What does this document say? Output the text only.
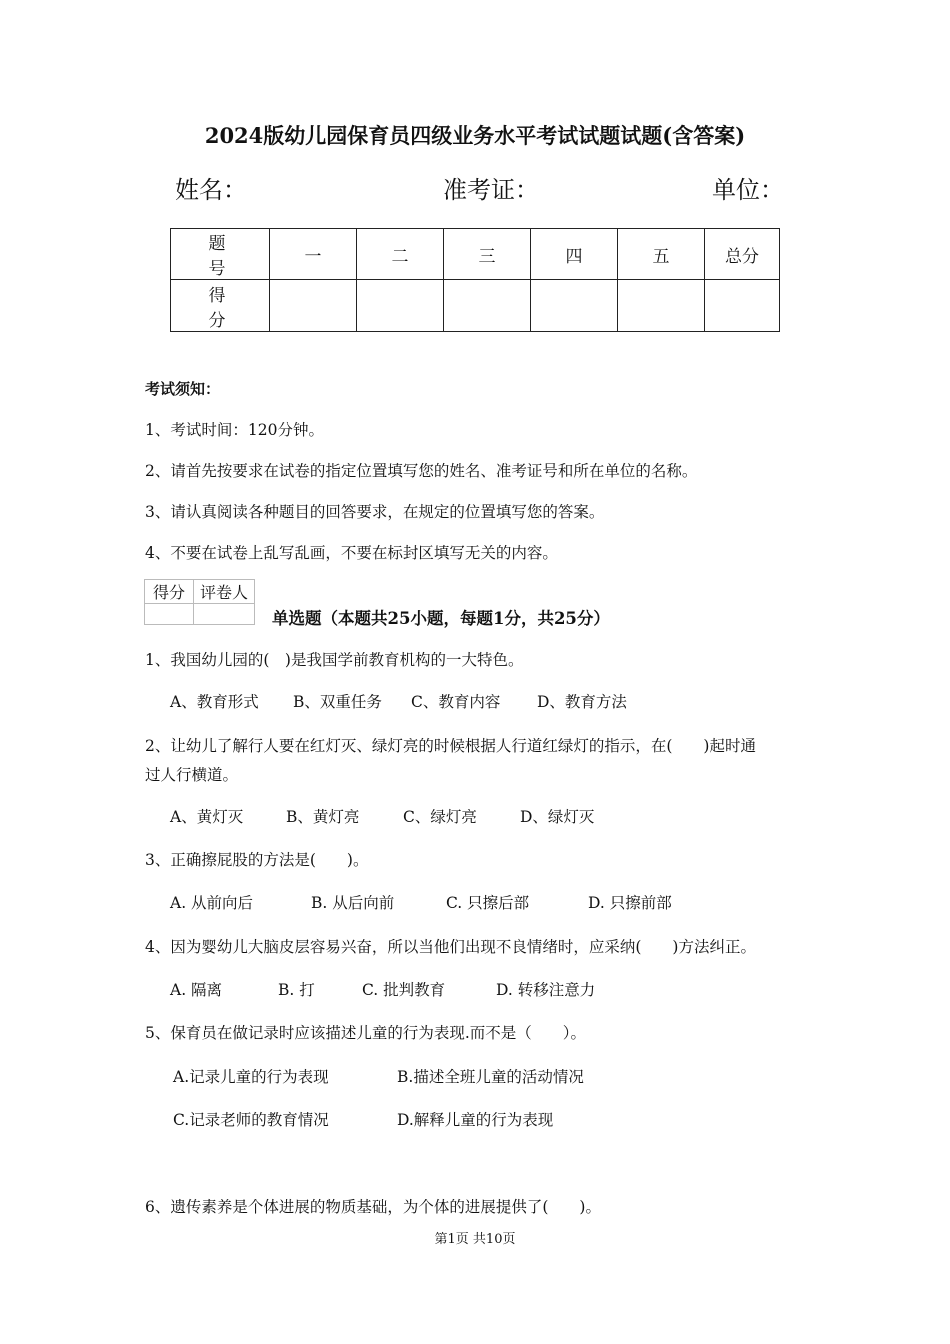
2024版幼儿园保育员四级业务水平考试试题试题(含答案)
姓名：	准考证：	单位：
题 号	一	二	三	四	五	总分
得 分						
考试须知：
1、考试时间：120分钟。
2、请首先按要求在试卷的指定位置填写您的姓名、准考证号和所在单位的名称。
3、请认真阅读各种题目的回答要求，在规定的位置填写您的答案。
4、不要在试卷上乱写乱画，不要在标封区填写无关的内容。
得分	评卷人

单选题（本题共25小题，每题1分，共25分）
1、我国幼儿园的(　)是我国学前教育机构的一大特色。
A、教育形式 B、双重任务 C、教育内容 D、教育方法
2、让幼儿了解行人要在红灯灭、绿灯亮的时候根据人行道红绿灯的指示，在(　　)起时通
过人行横道。
A、黄灯灭	B、黄灯亮	C、绿灯亮	D、绿灯灭
3、正确擦屁股的方法是(　　)。
A. 从前向后	B. 从后向前	C. 只擦后部	D. 只擦前部
4、因为婴幼儿大脑皮层容易兴奋，所以当他们出现不良情绪时，应采纳(　　)方法纠正。
A. 隔离	B. 打	C. 批判教育	D. 转移注意力
5、保育员在做记录时应该描述儿童的行为表现.而不是（　　）。
A.记录儿童的行为表现	B.描述全班儿童的活动情况
C.记录老师的教育情况	D.解释儿童的行为表现
6、遗传素养是个体进展的物质基础，为个体的进展提供了(　　)。
第1页 共10页
